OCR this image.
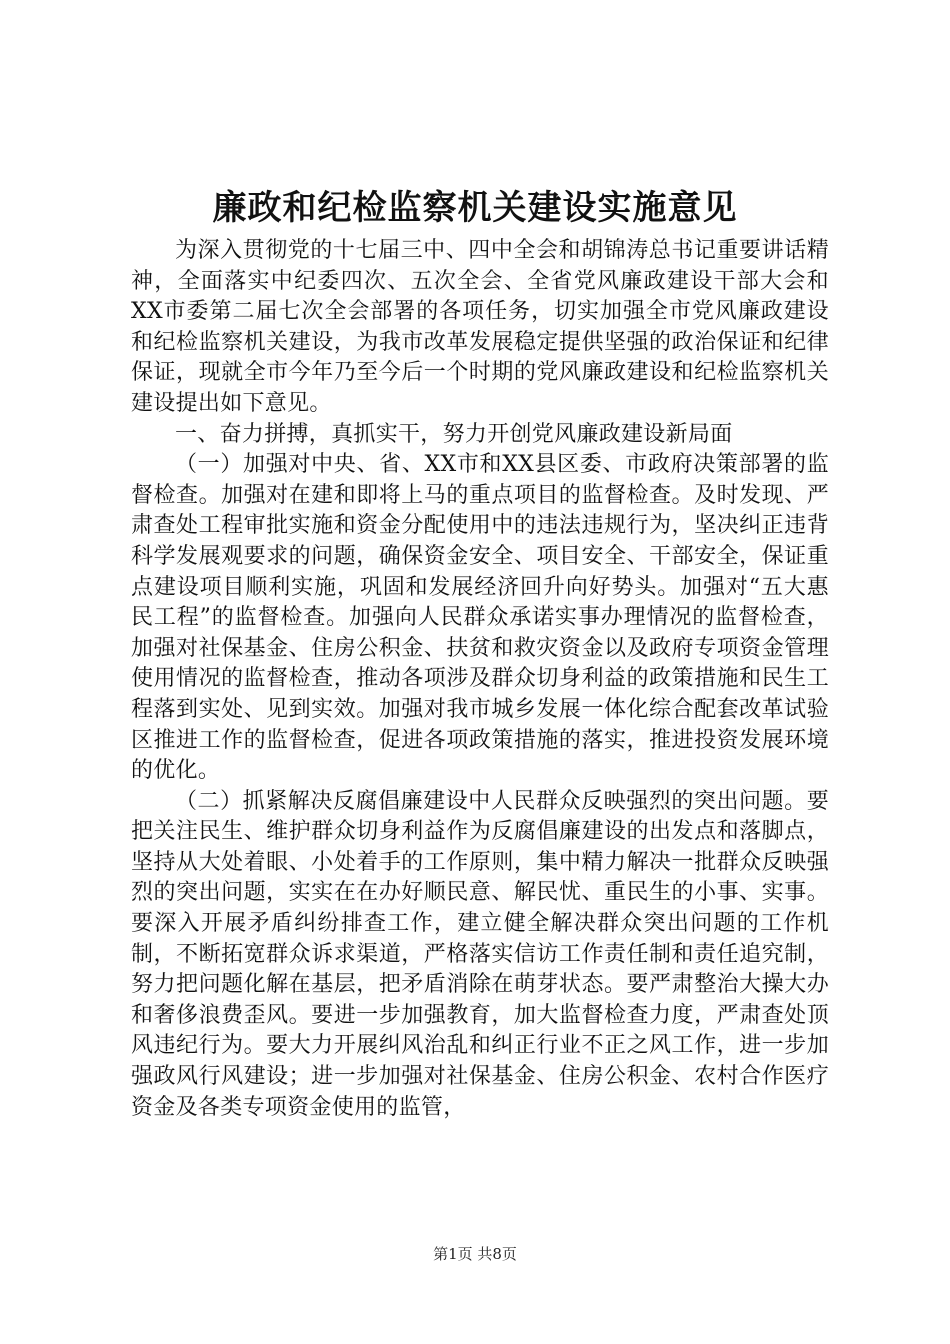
廉政和纪检监察机关建设实施意见

为深入贯彻党的十七届三中、四中全会和胡锦涛总书记重要讲话精神，全面落实中纪委四次、五次全会、全省党风廉政建设干部大会和XX市委第二届七次全会部署的各项任务，切实加强全市党风廉政建设和纪检监察机关建设，为我市改革发展稳定提供坚强的政治保证和纪律保证，现就全市今年乃至今后一个时期的党风廉政建设和纪检监察机关建设提出如下意见。

一、奋力拼搏，真抓实干，努力开创党风廉政建设新局面

（一）加强对中央、省、XX市和XX县区委、市政府决策部署的监督检查。加强对在建和即将上马的重点项目的监督检查。及时发现、严肃查处工程审批实施和资金分配使用中的违法违规行为，坚决纠正违背科学发展观要求的问题，确保资金安全、项目安全、干部安全，保证重点建设项目顺利实施，巩固和发展经济回升向好势头。加强对“五大惠民工程”的监督检查。加强向人民群众承诺实事办理情况的监督检查，加强对社保基金、住房公积金、扶贫和救灾资金以及政府专项资金管理使用情况的监督检查，推动各项涉及群众切身利益的政策措施和民生工程落到实处、见到实效。加强对我市城乡发展一体化综合配套改革试验区推进工作的监督检查，促进各项政策措施的落实，推进投资发展环境的优化。

（二）抓紧解决反腐倡廉建设中人民群众反映强烈的突出问题。要把关注民生、维护群众切身利益作为反腐倡廉建设的出发点和落脚点，坚持从大处着眼、小处着手的工作原则，集中精力解决一批群众反映强烈的突出问题，实实在在办好顺民意、解民忧、重民生的小事、实事。要深入开展矛盾纠纷排查工作，建立健全解决群众突出问题的工作机制，不断拓宽群众诉求渠道，严格落实信访工作责任制和责任追究制，努力把问题化解在基层，把矛盾消除在萌芽状态。要严肃整治大操大办和奢侈浪费歪风。要进一步加强教育，加大监督检查力度，严肃查处顶风违纪行为。要大力开展纠风治乱和纠正行业不正之风工作，进一步加强政风行风建设；进一步加强对社保基金、住房公积金、农村合作医疗资金及各类专项资金使用的监管，

第1页 共8页
